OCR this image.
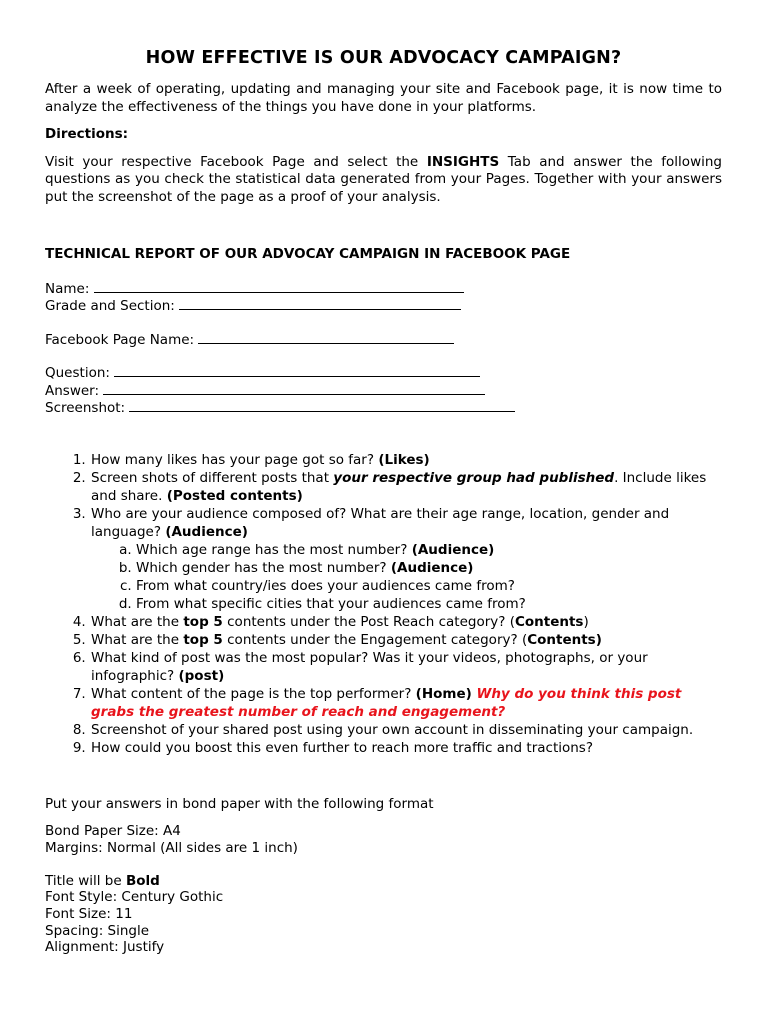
HOW EFFECTIVE IS OUR ADVOCACY CAMPAIGN?

After a week of operating, updating and managing your site and Facebook page, it is now time to analyze the effectiveness of the things you have done in your platforms.

Directions:

Visit your respective Facebook Page and select the INSIGHTS Tab and answer the following questions as you check the statistical data generated from your Pages. Together with your answers put the screenshot of the page as a proof of your analysis.

TECHNICAL REPORT OF OUR ADVOCAY CAMPAIGN IN FACEBOOK PAGE

Name:
Grade and Section:
Facebook Page Name:
Question:
Answer:
Screenshot:
1. How many likes has your page got so far? (Likes)
2. Screen shots of different posts that your respective group had published. Include likes and share. (Posted contents)
3. Who are your audience composed of? What are their age range, location, gender and language? (Audience)
a. Which age range has the most number? (Audience)
b. Which gender has the most number? (Audience)
c. From what country/ies does your audiences came from?
d. From what specific cities that your audiences came from?
4. What are the top 5 contents under the Post Reach category? (Contents)
5. What are the top 5 contents under the Engagement category? (Contents)
6. What kind of post was the most popular? Was it your videos, photographs, or your infographic? (post)
7. What content of the page is the top performer? (Home) Why do you think this post grabs the greatest number of reach and engagement?
8. Screenshot of your shared post using your own account in disseminating your campaign.
9. How could you boost this even further to reach more traffic and tractions?

Put your answers in bond paper with the following format

Bond Paper Size: A4

Margins: Normal (All sides are 1 inch)

Title will be Bold

Font Style: Century Gothic

Font Size: 11

Spacing: Single

Alignment: Justify
